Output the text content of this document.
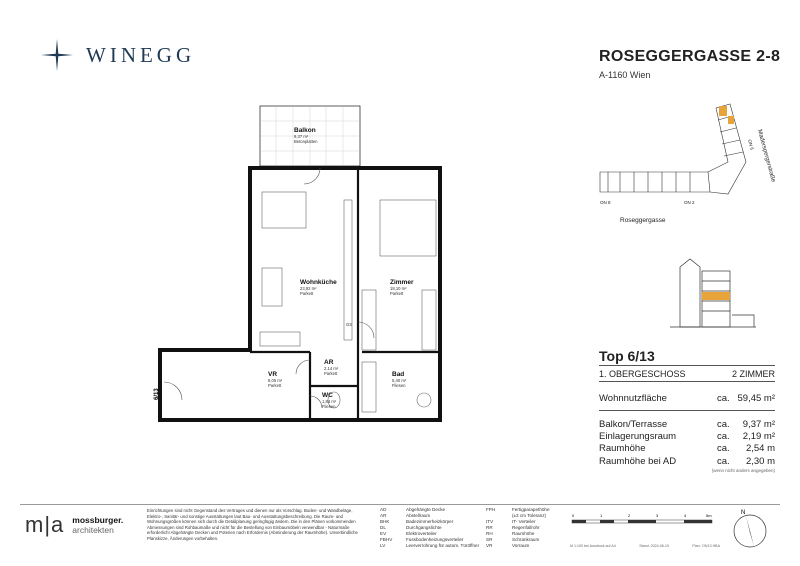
WINEGG	ROSEGGERGASSE 2-8
A-1160 Wien
Maderspergerstraße
Roseggergasse
ON 8	ON 2
ON 6
Balkon
9,37 m²
Betonplatten
Wohnküche
23,92 m²
Parkett
Zimmer
18,10 m²
Parkett
AR
2,14 m²
Parkett
VR
8,05 m²
Parkett
WC
1,84 m²
Fliesen
Bad
5,40 m²
Fliesen
GS
6/13
Top 6/13
1. OBERGESCHOSS	2 ZIMMER
Wohnnutzfläche	ca. 59,45 m²
Balkon/Terrasse	ca. 9,37 m²
Einlagerungsraum	ca. 2,19 m²
Raumhöhe	ca. 2,54 m
Raumhöhe bei AD	ca. 2,30 m
(wenn nicht anders angegeben)
m|a mossburger.
architekten
Einrichtungen sind nicht Gegenstand des Vertrages und dienen nur als Vorschlag. Boden- und Wandbeläge, Elektro-, Sanitär- und sonstige Ausstattungen laut Bau- und Ausstattungsbeschreibung. Die Raum- und Wohnungsgrößen können sich durch die Detailplanung geringfügig ändern. Die in den Plänen vorkommenden Abmessungen sind Rohbaumaße und nicht für die Bestellung von Einbaumöbeln verwendbar - Naturmaße erforderlich! Abgehängte Decken und Poterien nach Erfordernis (Abminderung der Raumhöhe). Unverbindliche Planskizze, Änderungen vorbehalten.
AD	Abgehängte Decke
AR	Abstellraum
BHK	Badezimmerheizkörper
DL	Durchgangslichte
EV	Elektroverteiler
FBHV	Fussbodenheizungsverteiler
LV	Leerverrohrung für autom. Türöffner
FPH	Fertigparapethöhe
(±3 cm Toleranz)
ITV	IT- Verteiler
RR	Regenfallrohr
RH	Raumhöhe
SR	Schrankraum
VR	Vorraum
0	1	2	3	4	5m
M 1:100 bei Ausdruck auf A4	Stand: 2024-06-19	Plan: 7/6/13 HBA
N
